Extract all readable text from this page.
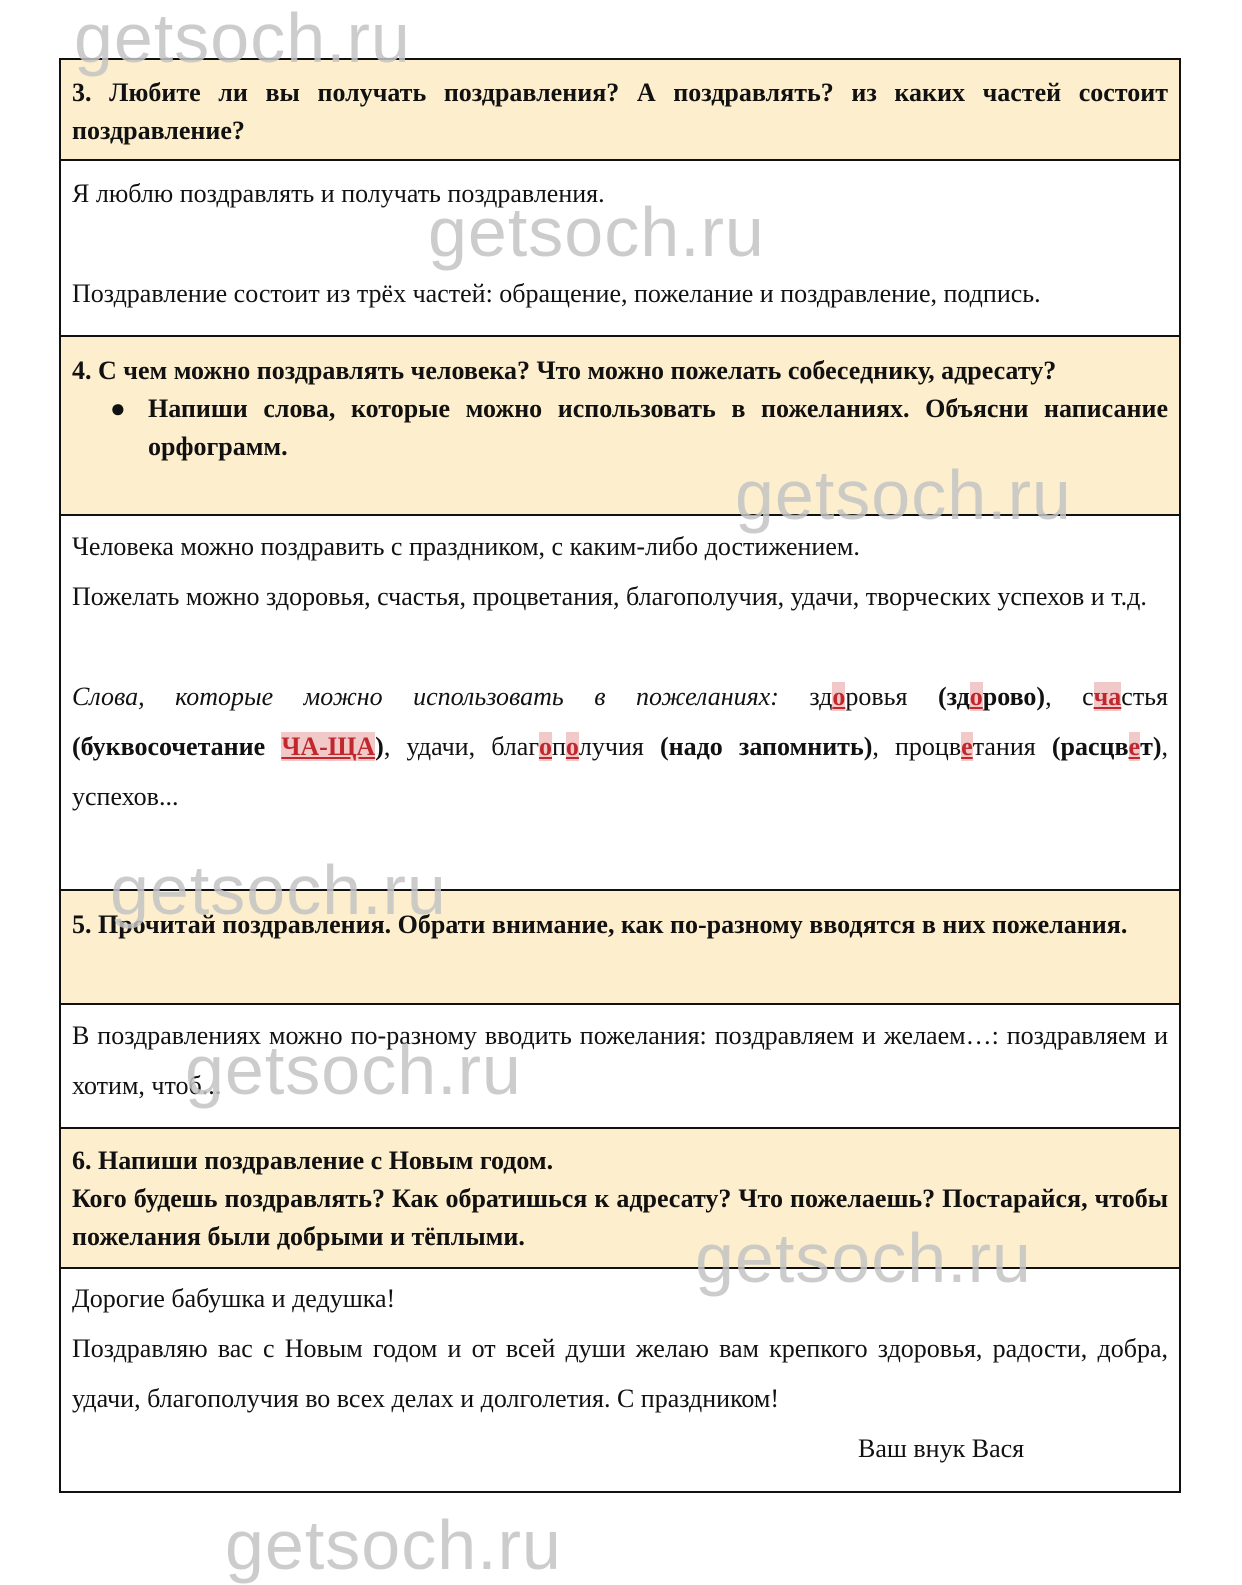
3. Любите ли вы получать поздравления? А поздравлять? из каких частей состоит поздравление?

Я люблю поздравлять и получать поздравления.

Поздравление состоит из трёх частей: обращение, пожелание и поздравление, подпись.

4. С чем можно поздравлять человека? Что можно пожелать собеседнику, адресату?

● Напиши слова, которые можно использовать в пожеланиях. Объясни написание орфограмм.

Человека можно поздравить с праздником, с каким-либо достижением.

Пожелать можно здоровья, счастья, процветания, благополучия, удачи, творческих успехов и т.д.

Слова, которые можно использовать в пожеланиях: здоровья (здорово), счастья (буквосочетание ЧА-ЩА), удачи, благополучия (надо запомнить), процветания (расцвет), успехов...

5. Прочитай поздравления. Обрати внимание, как по-разному вводятся в них пожелания.

В поздравлениях можно по-разному вводить пожелания: поздравляем и желаем…: поздравляем и хотим, чтоб...

6. Напиши поздравление с Новым годом.

Кого будешь поздравлять? Как обратишься к адресату? Что пожелаешь? Постарайся, чтобы пожелания были добрыми и тёплыми.

Дорогие бабушка и дедушка!

Поздравляю вас с Новым годом и от всей души желаю вам крепкого здоровья, радости, добра, удачи, благополучия во всех делах и долголетия. С праздником!

Ваш внук Вася

getsoch.ru
getsoch.ru
getsoch.ru
getsoch.ru
getsoch.ru
getsoch.ru
getsoch.ru
